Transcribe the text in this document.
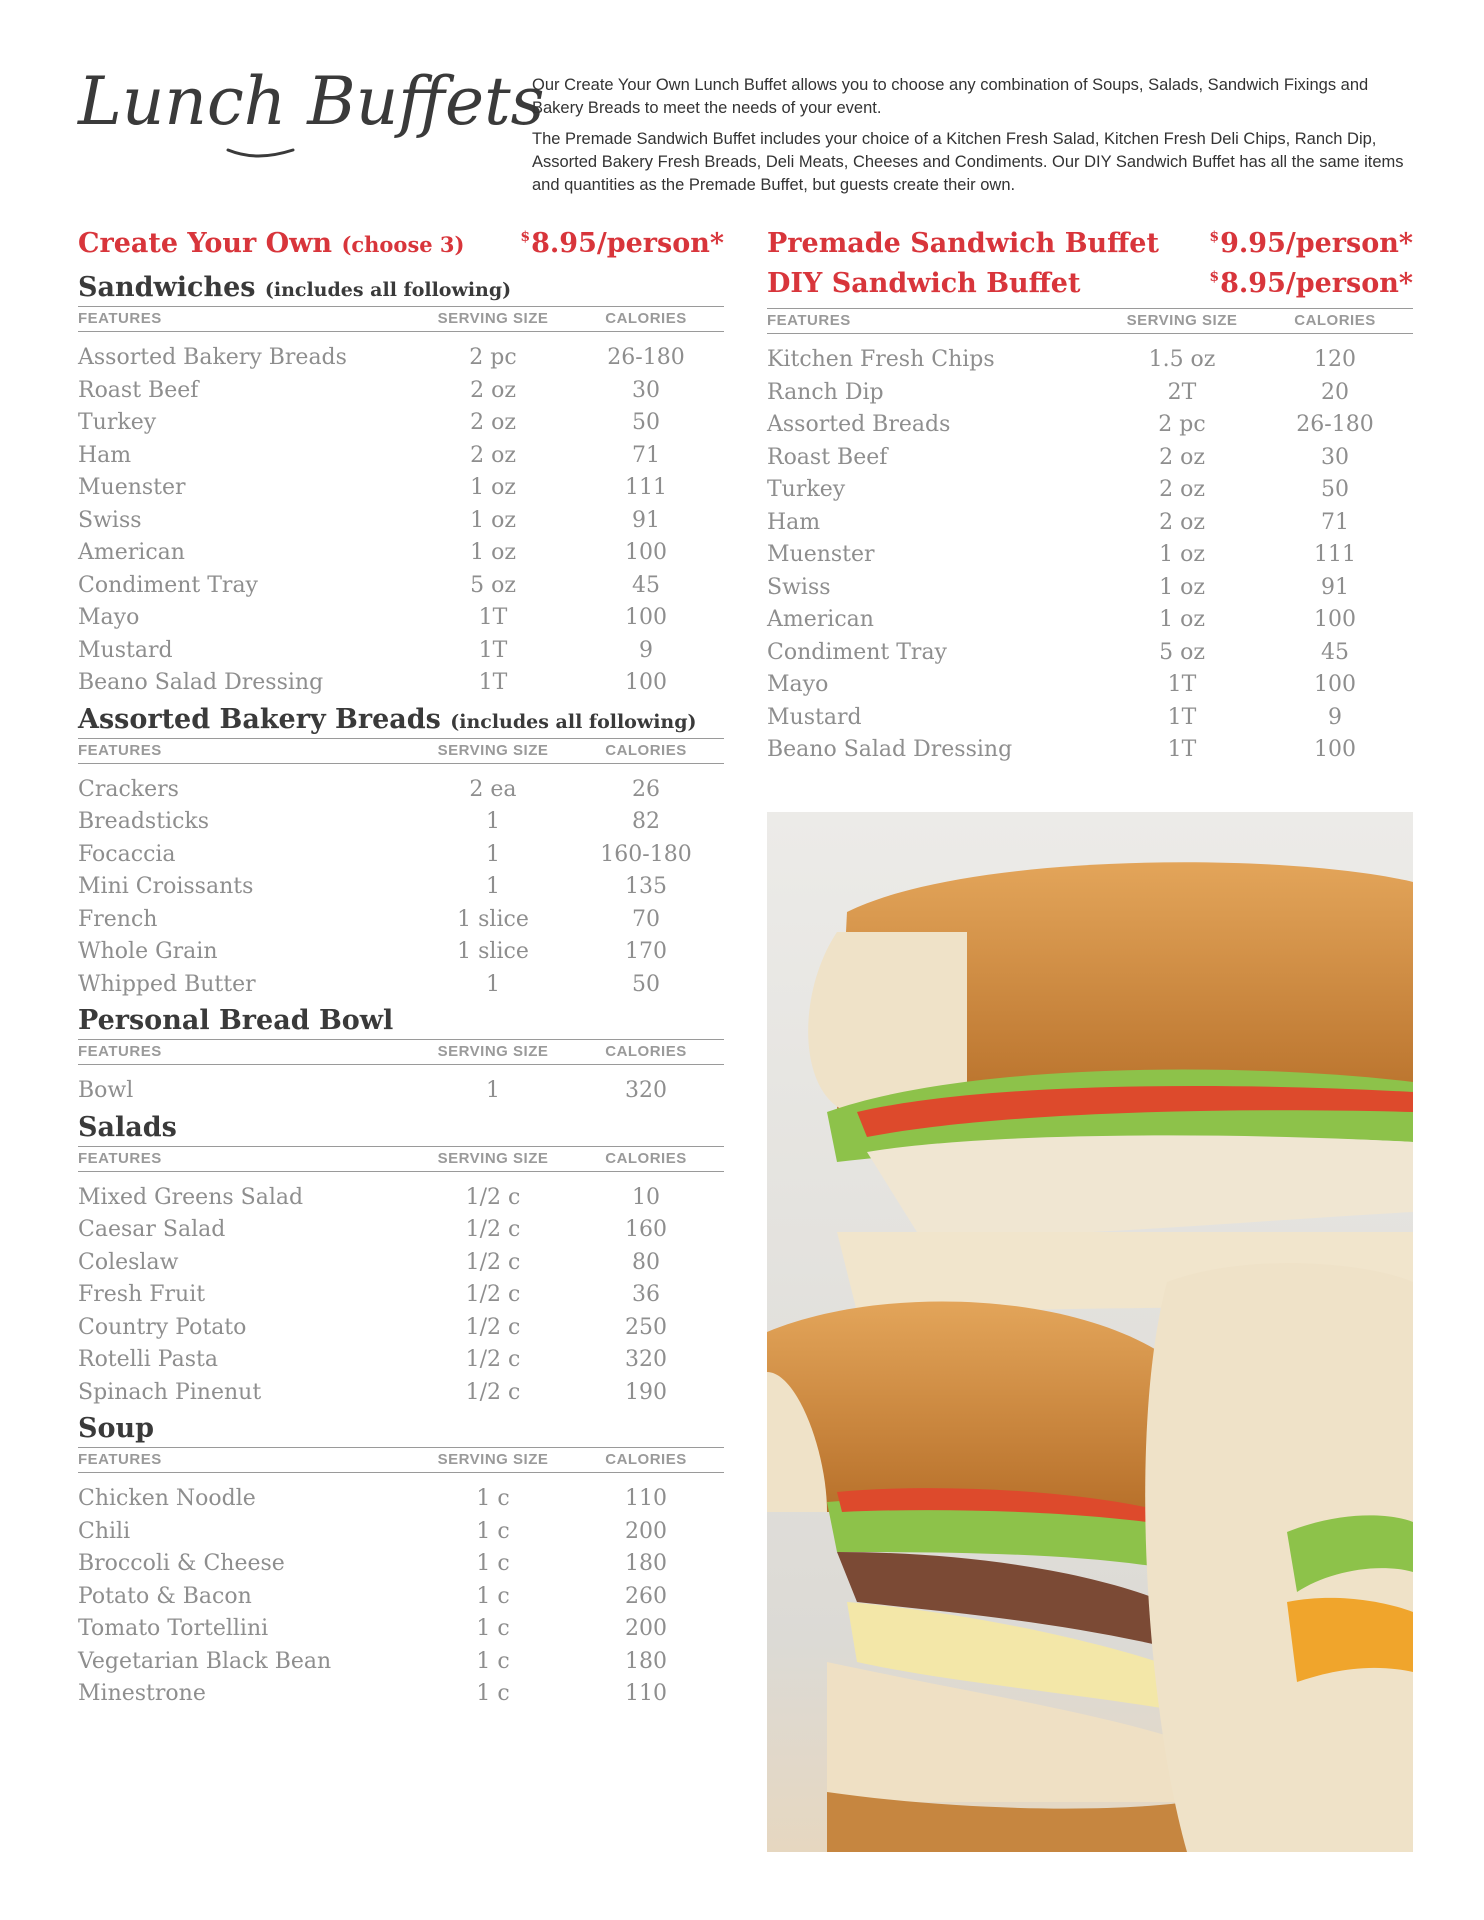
Lunch Buffets

Our Create Your Own Lunch Buffet allows you to choose any combination of Soups, Salads, Sandwich Fixings and Bakery Breads to meet the needs of your event.

The Premade Sandwich Buffet includes your choice of a Kitchen Fresh Salad, Kitchen Fresh Deli Chips, Ranch Dip, Assorted Bakery Fresh Breads, Deli Meats, Cheeses and Condiments. Our DIY Sandwich Buffet has all the same items and quantities as the Premade Buffet, but guests create their own.

Create Your Own (choose 3)	$8.95/person*
Sandwiches (includes all following)
FEATURES	SERVING SIZE	CALORIES
Assorted Bakery Breads	2 pc	26-180
Roast Beef	2 oz	30
Turkey	2 oz	50
Ham	2 oz	71
Muenster	1 oz	111
Swiss	1 oz	91
American	1 oz	100
Condiment Tray	5 oz	45
Mayo	1T	100
Mustard	1T	9
Beano Salad Dressing	1T	100
Assorted Bakery Breads (includes all following)
FEATURES	SERVING SIZE	CALORIES
Crackers	2 ea	26
Breadsticks	1	82
Focaccia	1	160-180
Mini Croissants	1	135
French	1 slice	70
Whole Grain	1 slice	170
Whipped Butter	1	50
Personal Bread Bowl
FEATURES	SERVING SIZE	CALORIES
Bowl	1	320
Salads
FEATURES	SERVING SIZE	CALORIES
Mixed Greens Salad	1/2 c	10
Caesar Salad	1/2 c	160
Coleslaw	1/2 c	80
Fresh Fruit	1/2 c	36
Country Potato	1/2 c	250
Rotelli Pasta	1/2 c	320
Spinach Pinenut	1/2 c	190
Soup
FEATURES	SERVING SIZE	CALORIES
Chicken Noodle	1 c	110
Chili	1 c	200
Broccoli & Cheese	1 c	180
Potato & Bacon	1 c	260
Tomato Tortellini	1 c	200
Vegetarian Black Bean	1 c	180
Minestrone	1 c	110
Premade Sandwich Buffet	$9.95/person*
DIY Sandwich Buffet	$8.95/person*
FEATURES	SERVING SIZE	CALORIES
Kitchen Fresh Chips	1.5 oz	120
Ranch Dip	2T	20
Assorted Breads	2 pc	26-180
Roast Beef	2 oz	30
Turkey	2 oz	50
Ham	2 oz	71
Muenster	1 oz	111
Swiss	1 oz	91
American	1 oz	100
Condiment Tray	5 oz	45
Mayo	1T	100
Mustard	1T	9
Beano Salad Dressing	1T	100
